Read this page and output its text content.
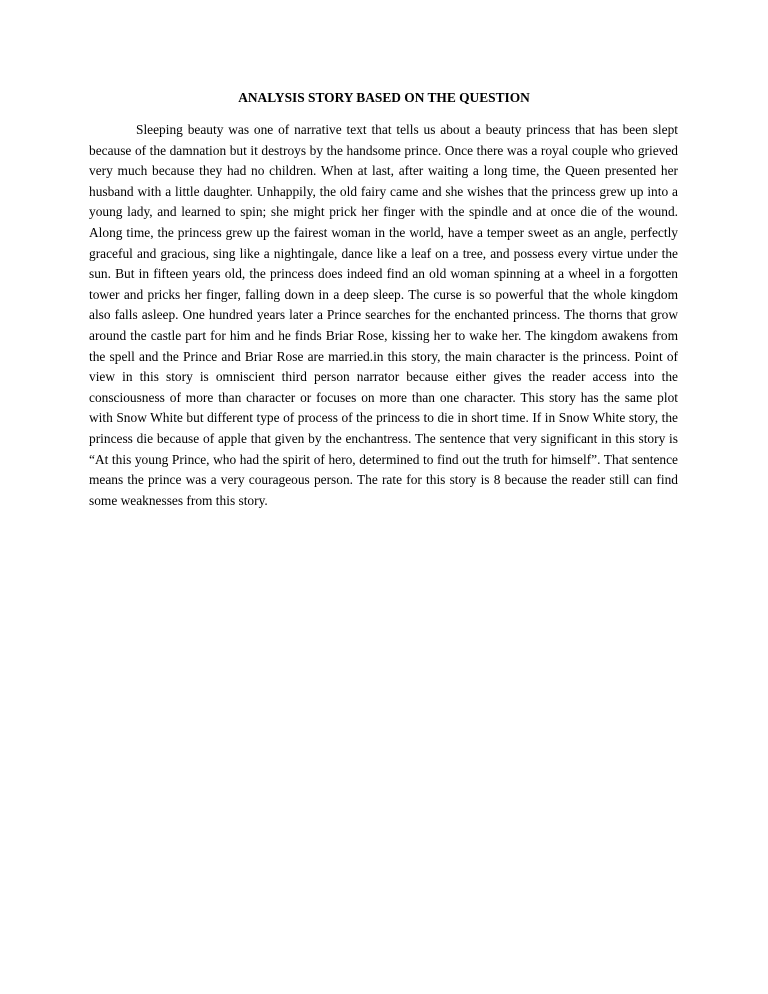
ANALYSIS STORY BASED ON THE QUESTION

Sleeping beauty was one of narrative text that tells us about a beauty princess that has been slept because of the damnation but it destroys by the handsome prince. Once there was a royal couple who grieved very much because they had no children. When at last, after waiting a long time, the Queen presented her husband with a little daughter. Unhappily, the old fairy came and she wishes that the princess grew up into a young lady, and learned to spin; she might prick her finger with the spindle and at once die of the wound. Along time, the princess grew up the fairest woman in the world, have a temper sweet as an angle, perfectly graceful and gracious, sing like a nightingale, dance like a leaf on a tree, and possess every virtue under the sun. But in fifteen years old, the princess does indeed find an old woman spinning at a wheel in a forgotten tower and pricks her finger, falling down in a deep sleep. The curse is so powerful that the whole kingdom also falls asleep. One hundred years later a Prince searches for the enchanted princess. The thorns that grow around the castle part for him and he finds Briar Rose, kissing her to wake her. The kingdom awakens from the spell and the Prince and Briar Rose are married.in this story, the main character is the princess. Point of view in this story is omniscient third person narrator because either gives the reader access into the consciousness of more than character or focuses on more than one character. This story has the same plot with Snow White but different type of process of the princess to die in short time. If in Snow White story, the princess die because of apple that given by the enchantress. The sentence that very significant in this story is “At this young Prince, who had the spirit of hero, determined to find out the truth for himself”. That sentence means the prince was a very courageous person. The rate for this story is 8 because the reader still can find some weaknesses from this story.
